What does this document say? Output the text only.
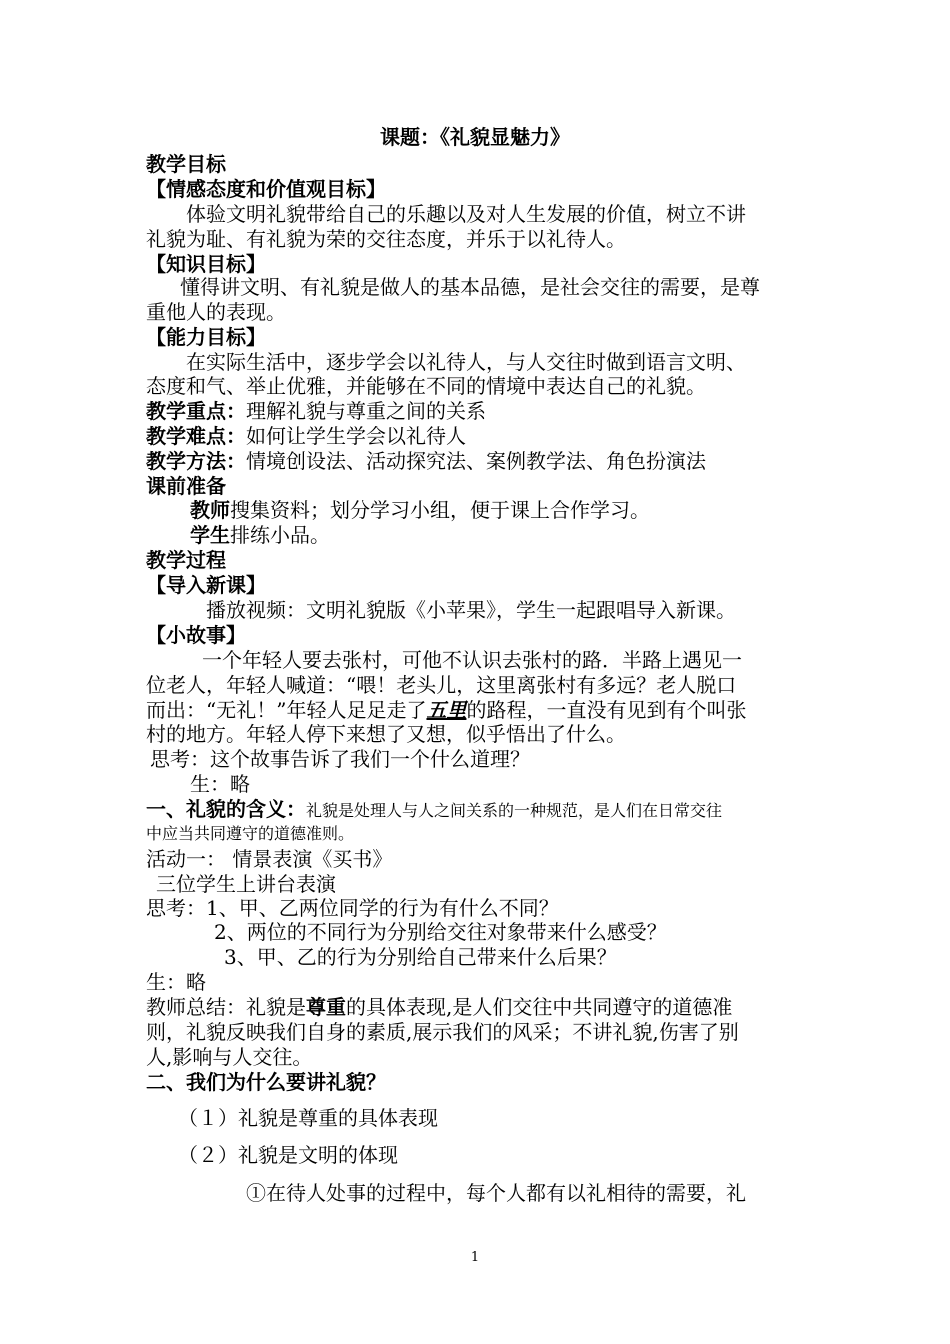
课题：《礼貌显魅力》
教学目标
【情感态度和价值观目标】
体验文明礼貌带给自己的乐趣以及对人生发展的价值，树立不讲
礼貌为耻、有礼貌为荣的交往态度，并乐于以礼待人。
【知识目标】
懂得讲文明、有礼貌是做人的基本品德，是社会交往的需要，是尊
重他人的表现。
【能力目标】
在实际生活中，逐步学会以礼待人，与人交往时做到语言文明、
态度和气、举止优雅，并能够在不同的情境中表达自己的礼貌。
教学重点：理解礼貌与尊重之间的关系
教学难点：如何让学生学会以礼待人
教学方法：情境创设法、活动探究法、案例教学法、角色扮演法
课前准备
教师搜集资料；划分学习小组，便于课上合作学习。
学生排练小品。
教学过程
【导入新课】
播放视频：文明礼貌版《小苹果》，学生一起跟唱导入新课。
【小故事】
一个年轻人要去张村，可他不认识去张村的路．半路上遇见一
位老人，年轻人喊道：“喂！老头儿，这里离张村有多远？老人脱口
而出：“无礼！”年轻人足足走了五里的路程，一直没有见到有个叫张
村的地方。年轻人停下来想了又想，似乎悟出了什么。
思考：这个故事告诉了我们一个什么道理？
生：略
一、礼貌的含义：礼貌是处理人与人之间关系的一种规范，是人们在日常交往
中应当共同遵守的道德准则。
活动一： 情景表演《买书》
三位学生上讲台表演
思考：1、甲、乙两位同学的行为有什么不同？
2、两位的不同行为分别给交往对象带来什么感受？
3、甲、乙的行为分别给自己带来什么后果？
生：略
教师总结：礼貌是尊重的具体表现,是人们交往中共同遵守的道德准
则，礼貌反映我们自身的素质,展示我们的风采；不讲礼貌,伤害了别
人,影响与人交往。
二、我们为什么要讲礼貌？
（１）礼貌是尊重的具体表现
（２）礼貌是文明的体现
①在待人处事的过程中，每个人都有以礼相待的需要，礼
1
